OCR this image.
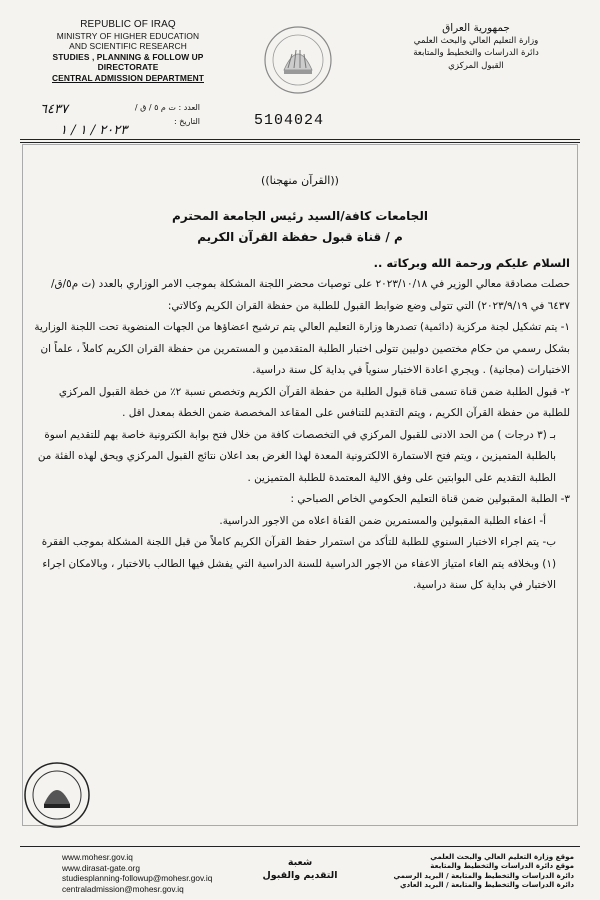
REPUBLIC OF IRAQ
MINISTRY OF HIGHER EDUCATION
AND SCIENTIFIC RESEARCH
STUDIES , PLANNING & FOLLOW UP DIRECTORATE
CENTRAL ADMISSION DEPARTMENT
جمهورية العراق
وزارة التعليم العالي والبحث العلمي
دائرة الدراسات والتخطيط والمتابعة
القبول المركزي
العدد : ت م ٥ / ق /
التاريخ :
٦٤٣٧
٢٠٢٣ / ١ / ١
5104024

((القرآن منهجنا))

الجامعات كافة/السيد رئيس الجامعة المحترم

م / قناة قبول حفظة القرآن الكريم

السلام عليكم ورحمة الله وبركاته ..

حصلت مصادقة معالي الوزير في ٢٠٢٣/١٠/١٨ على توصيات محضر اللجنة المشكلة بموجب الامر الوزاري بالعدد (ت م٥/ق/٦٤٣٧ في ٢٠٢٣/٩/١٩) التي تتولى وضع ضوابط القبول للطلبة من حفظة القران الكريم وكالاتي:

١- يتم تشكيل لجنة مركزية (دائمية) تصدرها وزارة التعليم العالي يتم ترشيح اعضاؤها من الجهات المنضوية تحت اللجنة الوزارية بشكل رسمي من حكام مختصين دوليين تتولى اختبار الطلبة المتقدمين و المستمرين من حفظة القران الكريم كاملاً ، علماً ان الاختبارات (مجانية) . ويجري اعادة الاختبار سنوياً في بداية كل سنة دراسية.

٢- قبول الطلبة ضمن قناة تسمى قناة قبول الطلبة من حفظة القرآن الكريم وتخصص نسبة ٢٪ من خطة القبول المركزي للطلبة من حفظة القرآن الكريم ، ويتم التقديم للتنافس على المقاعد المخصصة ضمن الخطة بمعدل اقل .

بـ (٣ درجات ) من الحد الادنى للقبول المركزي في التخصصات كافة من خلال فتح بوابة الكترونية خاصة بهم للتقديم اسوة بالطلبة المتميزين ، ويتم فتح الاستمارة الالكترونية المعدة لهذا الغرض بعد اعلان نتائج القبول المركزي ويحق لهذه الفئة من الطلبة التقديم على البوابتين على وفق الالية المعتمدة للطلبة المتميزين .

٣- الطلبة المقبولين ضمن قناة التعليم الحكومي الخاص الصباحي :

أ- اعفاء الطلبة المقبولين والمستمرين ضمن القناة اعلاه من الاجور الدراسية.

ب- يتم اجراء الاختبار السنوي للطلبة للتأكد من استمرار حفظ القرآن الكريم كاملاً من قبل اللجنة المشكلة بموجب الفقرة (١) وبخلافه يتم الغاء امتياز الاعفاء من الاجور الدراسية للسنة الدراسية التي يفشل فيها الطالب بالاختبار ، وبالامكان اجراء الاختبار في بداية كل سنة دراسية.

www.mohesr.gov.iq
www.dirasat-gate.org
studiesplanning-followup@mohesr.gov.iq
centraladmission@mohesr.gov.iq
شعبة
التقديم والقبول
موقع وزارة التعليم العالي والبحث العلمي
موقع دائرة الدراسات والتخطيط والمتابعة
دائرة الدراسات والتخطيط والمتابعة / البريد الرسمي
دائرة الدراسات والتخطيط والمتابعة / البريد العادي
